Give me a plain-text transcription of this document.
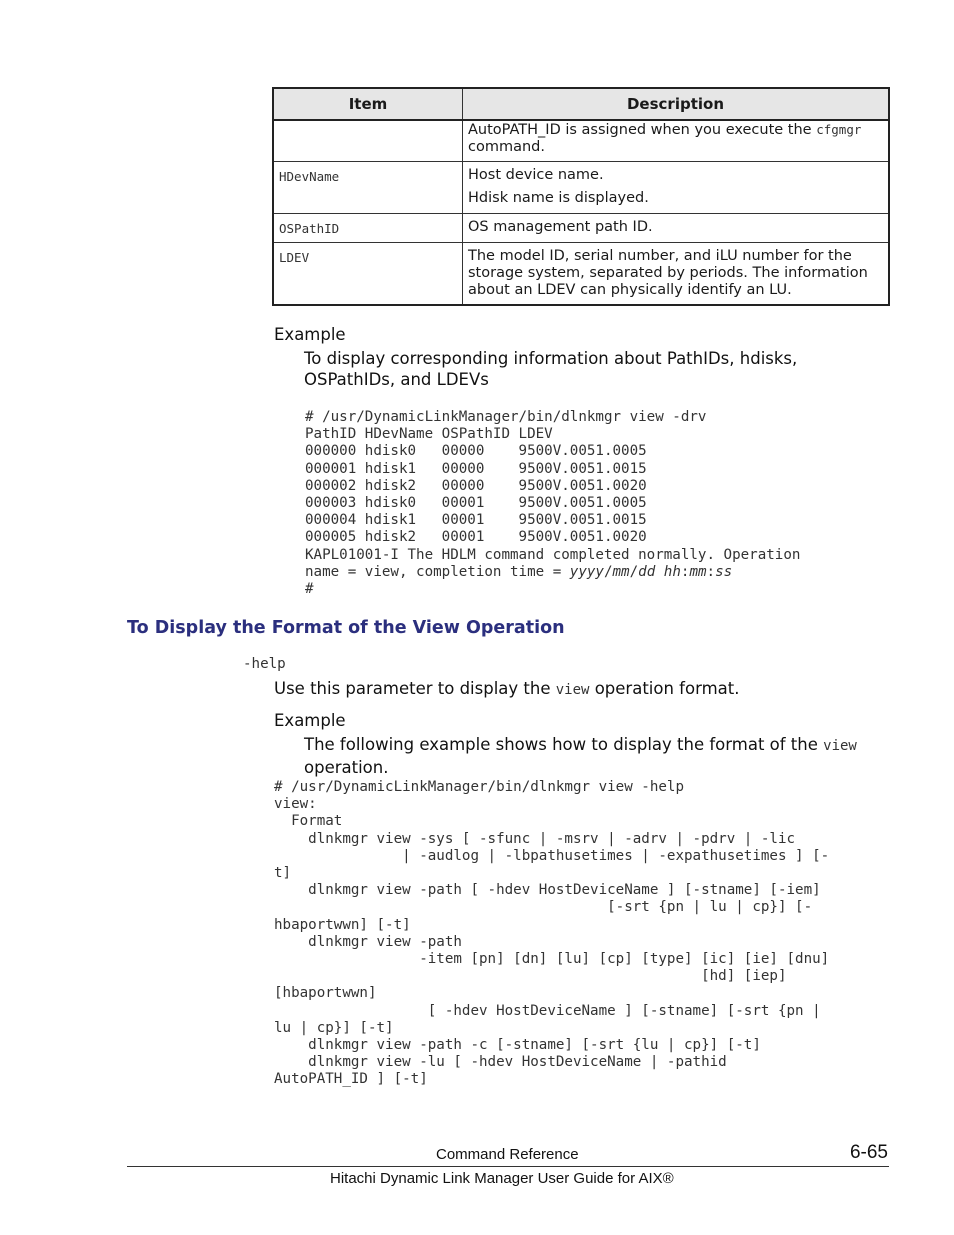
Item	Description
	AutoPATH_ID is assigned when you execute the cfgmgr
command.
HDevName	Host device name.

Hdisk name is displayed.

OSPathID	OS management path ID.

LDEV	The model ID, serial number, and iLU number for the storage system, separated by periods. The information about an LDEV can physically identify an LU.

Example
To display corresponding information about PathIDs, hdisks, OSPathIDs, and LDEVs
# /usr/DynamicLinkManager/bin/dlnkmgr view -drv
PathID HDevName OSPathID LDEV
000000 hdisk0   00000    9500V.0051.0005
000001 hdisk1   00000    9500V.0051.0015
000002 hdisk2   00000    9500V.0051.0020
000003 hdisk0   00001    9500V.0051.0005
000004 hdisk1   00001    9500V.0051.0015
000005 hdisk2   00001    9500V.0051.0020
KAPL01001-I The HDLM command completed normally. Operation
name = view, completion time = yyyy/mm/dd hh:mm:ss
#
To Display the Format of the View Operation
-help
Use this parameter to display the view operation format.
Example
The following example shows how to display the format of the view
operation.
# /usr/DynamicLinkManager/bin/dlnkmgr view -help
view:
Format
dlnkmgr view -sys [ -sfunc | -msrv | -adrv | -pdrv | -lic
| -audlog | -lbpathusetimes | -expathusetimes ] [-
t]
dlnkmgr view -path [ -hdev HostDeviceName ] [-stname] [-iem]
[-srt {pn | lu | cp}] [-
hbaportwwn] [-t]
dlnkmgr view -path
-item [pn] [dn] [lu] [cp] [type] [ic] [ie] [dnu]
[hd] [iep]
[hbaportwwn]
[ -hdev HostDeviceName ] [-stname] [-srt {pn |
lu | cp}] [-t]
dlnkmgr view -path -c [-stname] [-srt {lu | cp}] [-t]
dlnkmgr view -lu [ -hdev HostDeviceName | -pathid
AutoPATH_ID ] [-t]
Command Reference	6-65
Hitachi Dynamic Link Manager User Guide for AIX®
